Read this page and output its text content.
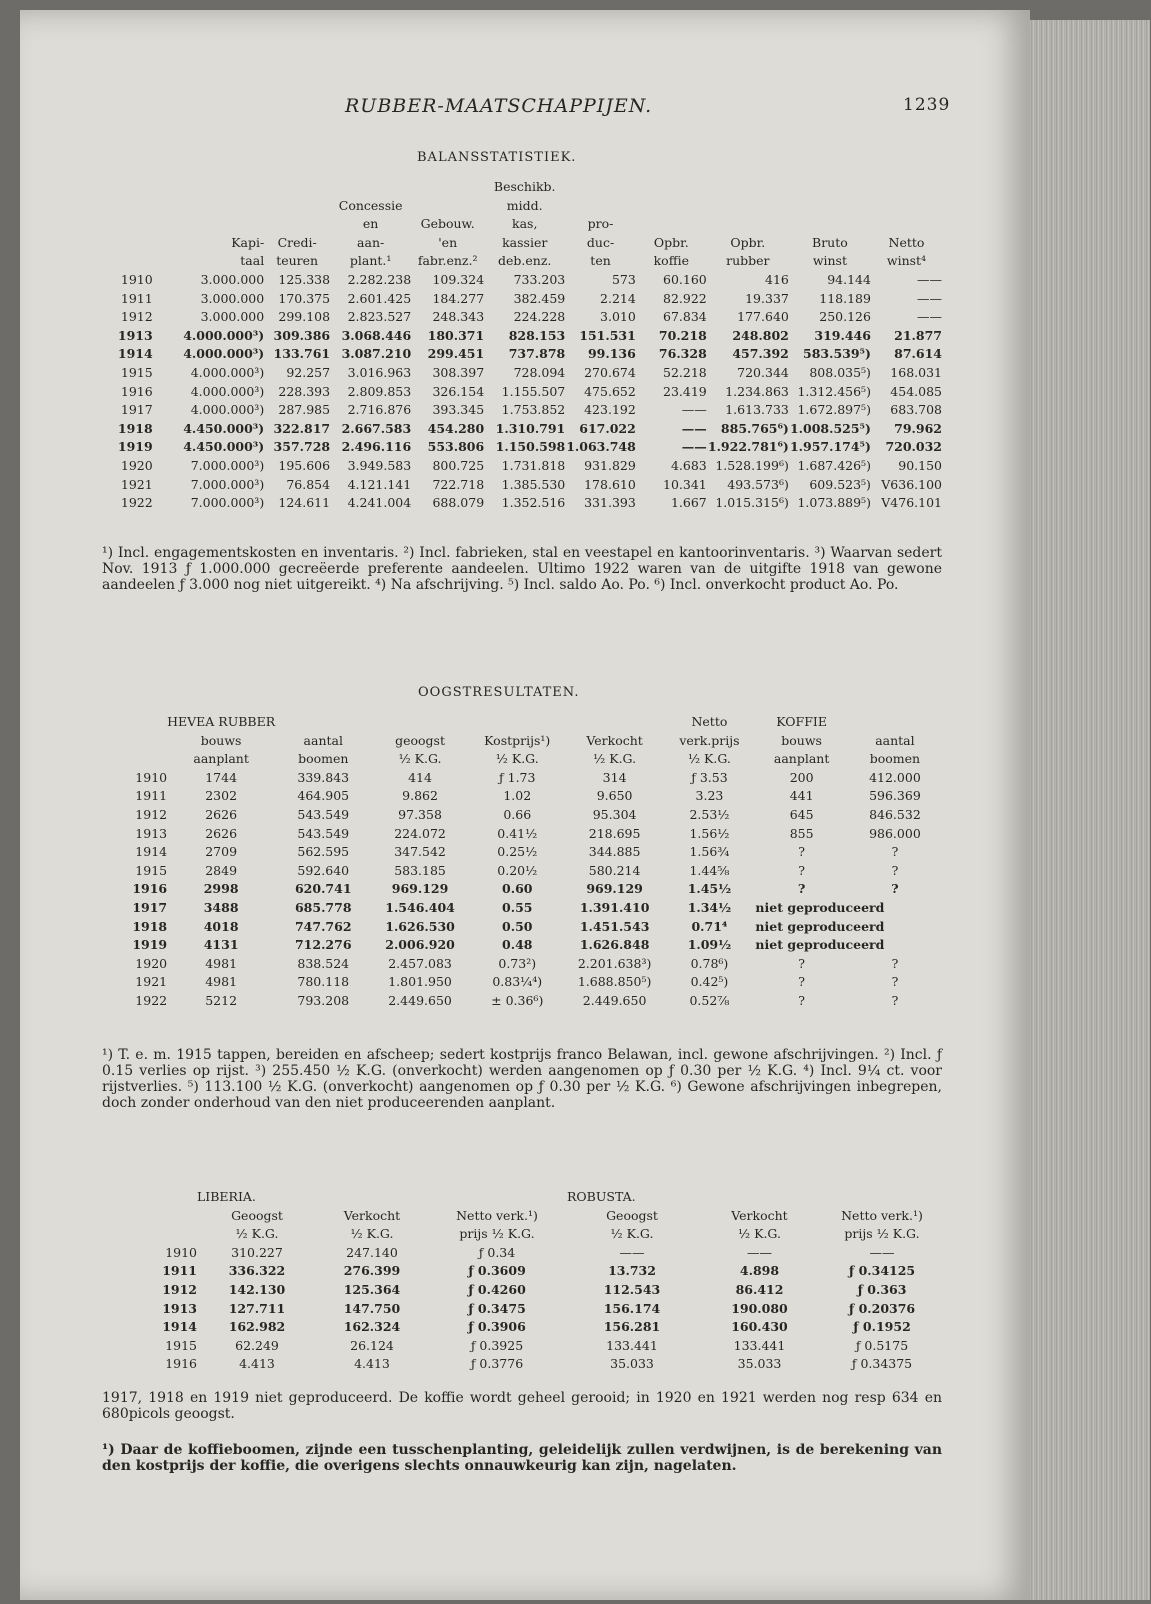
RUBBER-MAATSCHAPPIJEN.	1239
BALANSSTATISTIEK.
					Beschikb.					
			Concessie		midd.					
			en	Gebouw.	kas,	pro-				
	Kapi-	Credi-	aan-	'en	kassier	duc-	Opbr.	Opbr.	Bruto	Netto
	taal	teuren	plant.¹	fabr.enz.²	deb.enz.	ten	koffie	rubber	winst	winst⁴
1910	3.000.000	125.338	2.282.238	109.324	733.203	573	60.160	416	94.144	——
1911	3.000.000	170.375	2.601.425	184.277	382.459	2.214	82.922	19.337	118.189	——
1912	3.000.000	299.108	2.823.527	248.343	224.228	3.010	67.834	177.640	250.126	——
1913	4.000.000³)	309.386	3.068.446	180.371	828.153	151.531	70.218	248.802	319.446	21.877
1914	4.000.000³)	133.761	3.087.210	299.451	737.878	99.136	76.328	457.392	583.539⁵)	87.614
1915	4.000.000³)	92.257	3.016.963	308.397	728.094	270.674	52.218	720.344	808.035⁵)	168.031
1916	4.000.000³)	228.393	2.809.853	326.154	1.155.507	475.652	23.419	1.234.863	1.312.456⁵)	454.085
1917	4.000.000³)	287.985	2.716.876	393.345	1.753.852	423.192	——	1.613.733	1.672.897⁵)	683.708
1918	4.450.000³)	322.817	2.667.583	454.280	1.310.791	617.022	——	885.765⁶)	1.008.525⁵)	79.962
1919	4.450.000³)	357.728	2.496.116	553.806	1.150.598	1.063.748	——	1.922.781⁶)	1.957.174⁵)	720.032
1920	7.000.000³)	195.606	3.949.583	800.725	1.731.818	931.829	4.683	1.528.199⁶)	1.687.426⁵)	90.150
1921	7.000.000³)	76.854	4.121.141	722.718	1.385.530	178.610	10.341	493.573⁶)	609.523⁵)	V636.100
1922	7.000.000³)	124.611	4.241.004	688.079	1.352.516	331.393	1.667	1.015.315⁶)	1.073.889⁵)	V476.101

¹) Incl. engagementskosten en inventaris. ²) Incl. fabrieken, stal en veestapel en kantoorinventaris. ³) Waarvan sedert Nov. 1913 ƒ 1.000.000 gecreëerde preferente aandeelen. Ultimo 1922 waren van de uitgifte 1918 van gewone aandeelen ƒ 3.000 nog niet uitgereikt. ⁴) Na afschrijving. ⁵) Incl. saldo Ao. Po. ⁶) Incl. onverkocht product Ao. Po.

OOGSTRESULTATEN.
	HEVEA RUBBER					Netto	KOFFIE	
	bouws	aantal	geoogst	Kostprijs¹)	Verkocht	verk.prijs	bouws	aantal
	aanplant	boomen	½ K.G.	½ K.G.	½ K.G.	½ K.G.	aanplant	boomen
1910	1744	339.843	414	ƒ 1.73	314	ƒ 3.53	200	412.000
1911	2302	464.905	9.862	1.02	9.650	3.23	441	596.369
1912	2626	543.549	97.358	0.66	95.304	2.53½	645	846.532
1913	2626	543.549	224.072	0.41½	218.695	1.56½	855	986.000
1914	2709	562.595	347.542	0.25½	344.885	1.56¾	?	?
1915	2849	592.640	583.185	0.20½	580.214	1.44⅝	?	?
1916	2998	620.741	969.129	0.60	969.129	1.45½	?	?
1917	3488	685.778	1.546.404	0.55	1.391.410	1.34½	niet geproduceerd	
1918	4018	747.762	1.626.530	0.50	1.451.543	0.71⁴	niet geproduceerd	
1919	4131	712.276	2.006.920	0.48	1.626.848	1.09½	niet geproduceerd	
1920	4981	838.524	2.457.083	0.73²)	2.201.638³)	0.78⁶)	?	?
1921	4981	780.118	1.801.950	0.83¼⁴)	1.688.850⁵)	0.42⁵)	?	?
1922	5212	793.208	2.449.650	± 0.36⁶)	2.449.650	0.52⅞	?	?

¹) T. e. m. 1915 tappen, bereiden en afscheep; sedert kostprijs franco Belawan, incl. gewone afschrijvingen. ²) Incl. ƒ 0.15 verlies op rijst. ³) 255.450 ½ K.G. (onverkocht) werden aangenomen op ƒ 0.30 per ½ K.G. ⁴) Incl. 9¼ ct. voor rijstverlies. ⁵) 113.100 ½ K.G. (onverkocht) aangenomen op ƒ 0.30 per ½ K.G. ⁶) Gewone afschrijvingen inbegrepen, doch zonder onderhoud van den niet produceerenden aanplant.

	LIBERIA.			ROBUSTA.		
	Geoogst	Verkocht	Netto verk.¹)	Geoogst	Verkocht	Netto verk.¹)
	½ K.G.	½ K.G.	prijs ½ K.G.	½ K.G.	½ K.G.	prijs ½ K.G.
1910	310.227	247.140	ƒ 0.34	——	——	——
1911	336.322	276.399	ƒ 0.3609	13.732	4.898	ƒ 0.34125
1912	142.130	125.364	ƒ 0.4260	112.543	86.412	ƒ 0.363
1913	127.711	147.750	ƒ 0.3475	156.174	190.080	ƒ 0.20376
1914	162.982	162.324	ƒ 0.3906	156.281	160.430	ƒ 0.1952
1915	62.249	26.124	ƒ 0.3925	133.441	133.441	ƒ 0.5175
1916	4.413	4.413	ƒ 0.3776	35.033	35.033	ƒ 0.34375

1917, 1918 en 1919 niet geproduceerd. De koffie wordt geheel gerooid; in 1920 en 1921 werden nog resp 634 en 680picols geoogst.

¹) Daar de koffieboomen, zijnde een tusschenplanting, geleidelijk zullen verdwijnen, is de berekening van den kostprijs der koffie, die overigens slechts onnauwkeurig kan zijn, nagelaten.
